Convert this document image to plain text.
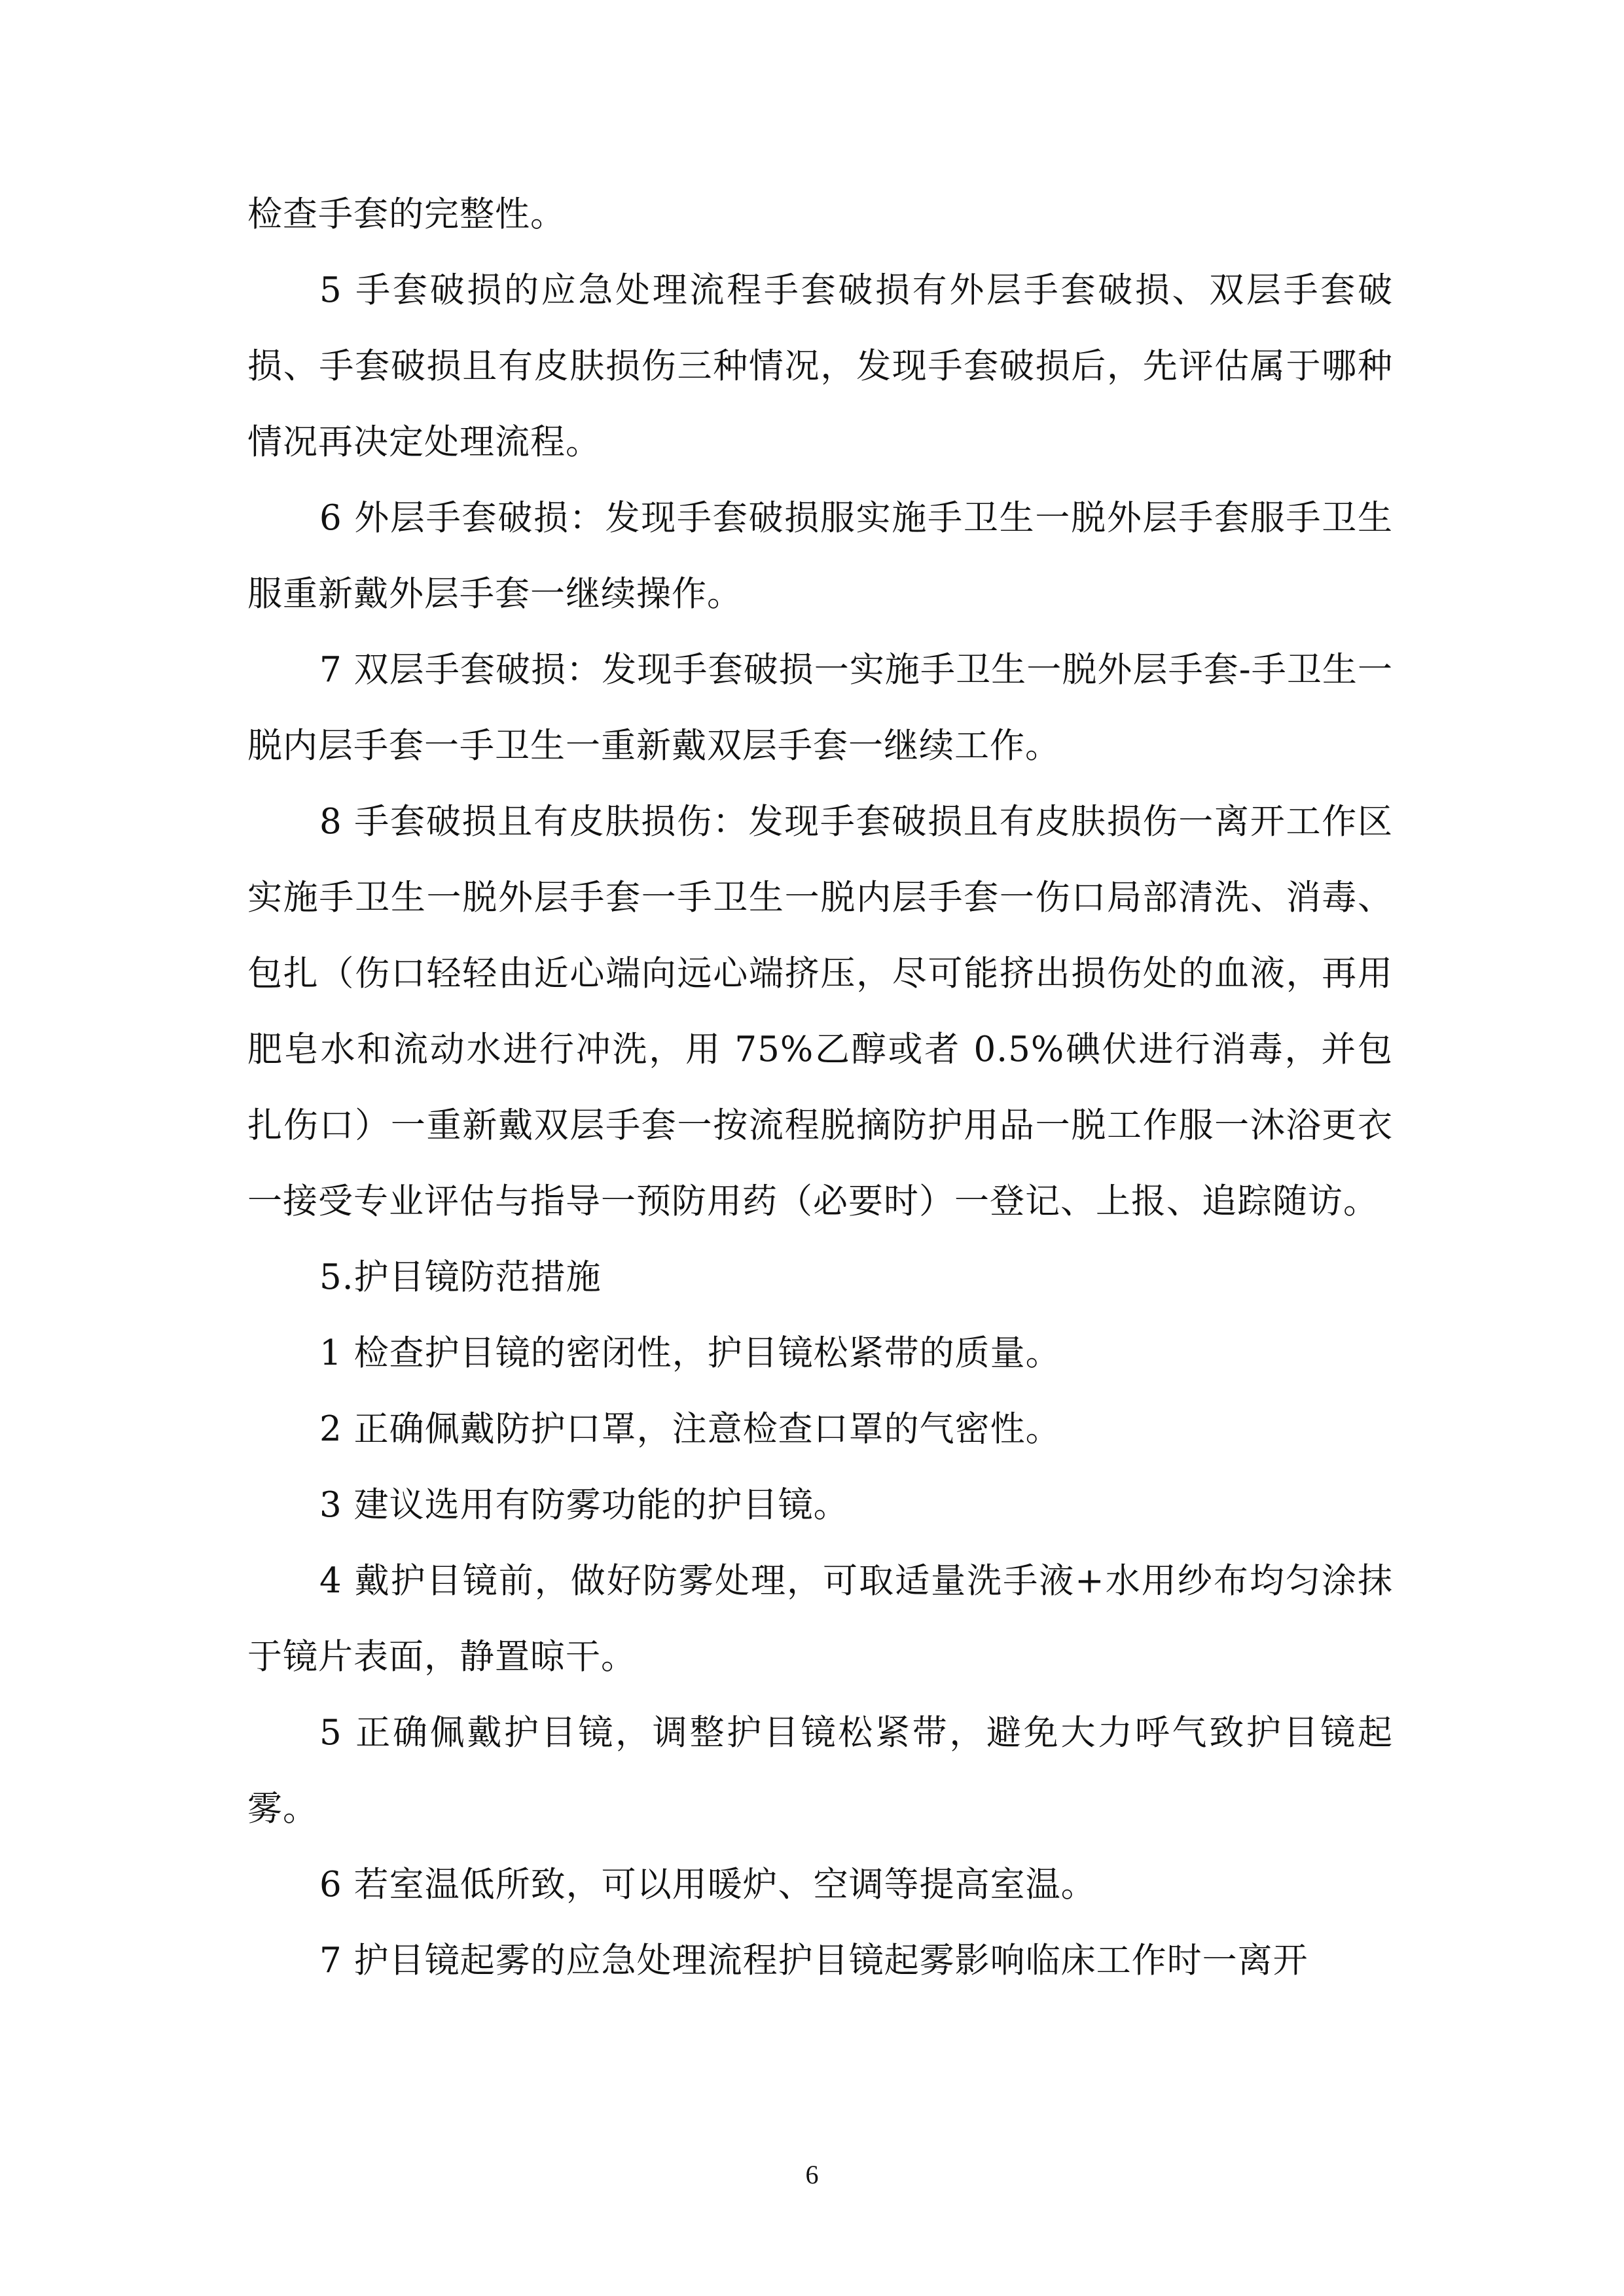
检查手套的完整性。

5 手套破损的应急处理流程手套破损有外层手套破损、双层手套破损、手套破损且有皮肤损伤三种情况，发现手套破损后，先评估属于哪种情况再决定处理流程。

6 外层手套破损：发现手套破损服实施手卫生一脱外层手套服手卫生服重新戴外层手套一继续操作。

7 双层手套破损：发现手套破损一实施手卫生一脱外层手套-手卫生一脱内层手套一手卫生一重新戴双层手套一继续工作。

8 手套破损且有皮肤损伤：发现手套破损且有皮肤损伤一离开工作区实施手卫生一脱外层手套一手卫生一脱内层手套一伤口局部清洗、消毒、包扎（伤口轻轻由近心端向远心端挤压，尽可能挤出损伤处的血液，再用肥皂水和流动水进行冲洗，用 75%乙醇或者 0.5%碘伏进行消毒，并包扎伤口）一重新戴双层手套一按流程脱摘防护用品一脱工作服一沐浴更衣一接受专业评估与指导一预防用药（必要时）一登记、上报、追踪随访。

5.护目镜防范措施

1 检查护目镜的密闭性，护目镜松紧带的质量。

2 正确佩戴防护口罩，注意检查口罩的气密性。

3 建议选用有防雾功能的护目镜。

4 戴护目镜前，做好防雾处理，可取适量洗手液+水用纱布均匀涂抹于镜片表面，静置晾干。

5 正确佩戴护目镜，调整护目镜松紧带，避免大力呼气致护目镜起雾。

6 若室温低所致，可以用暖炉、空调等提高室温。

7 护目镜起雾的应急处理流程护目镜起雾影响临床工作时一离开

6
